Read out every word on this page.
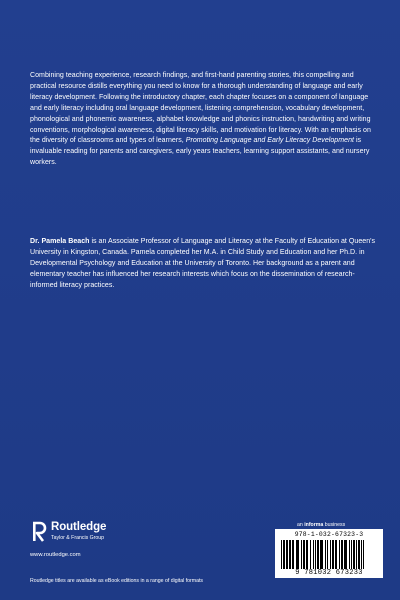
Combining teaching experience, research findings, and first-hand parenting stories, this compelling and practical resource distills everything you need to know for a thorough understanding of language and early literacy development. Following the introductory chapter, each chapter focuses on a component of language and early literacy including oral language development, listening comprehension, vocabulary development, phonological and phonemic awareness, alphabet knowledge and phonics instruction, handwriting and writing conventions, morphological awareness, digital literacy skills, and motivation for literacy. With an emphasis on the diversity of classrooms and types of learners, Promoting Language and Early Literacy Development is invaluable reading for parents and caregivers, early years teachers, learning support assistants, and nursery workers.

Dr. Pamela Beach is an Associate Professor of Language and Literacy at the Faculty of Education at Queen's University in Kingston, Canada. Pamela completed her M.A. in Child Study and Education and her Ph.D. in Developmental Psychology and Education at the University of Toronto. Her background as a parent and elementary teacher has influenced her research interests which focus on the dissemination of research-informed literacy practices.

Routledge
Taylor & Francis Group
www.routledge.com
Routledge titles are available as eBook editions in a range of digital formats
an informa business
978-1-032-67323-3
9 781032 673233
